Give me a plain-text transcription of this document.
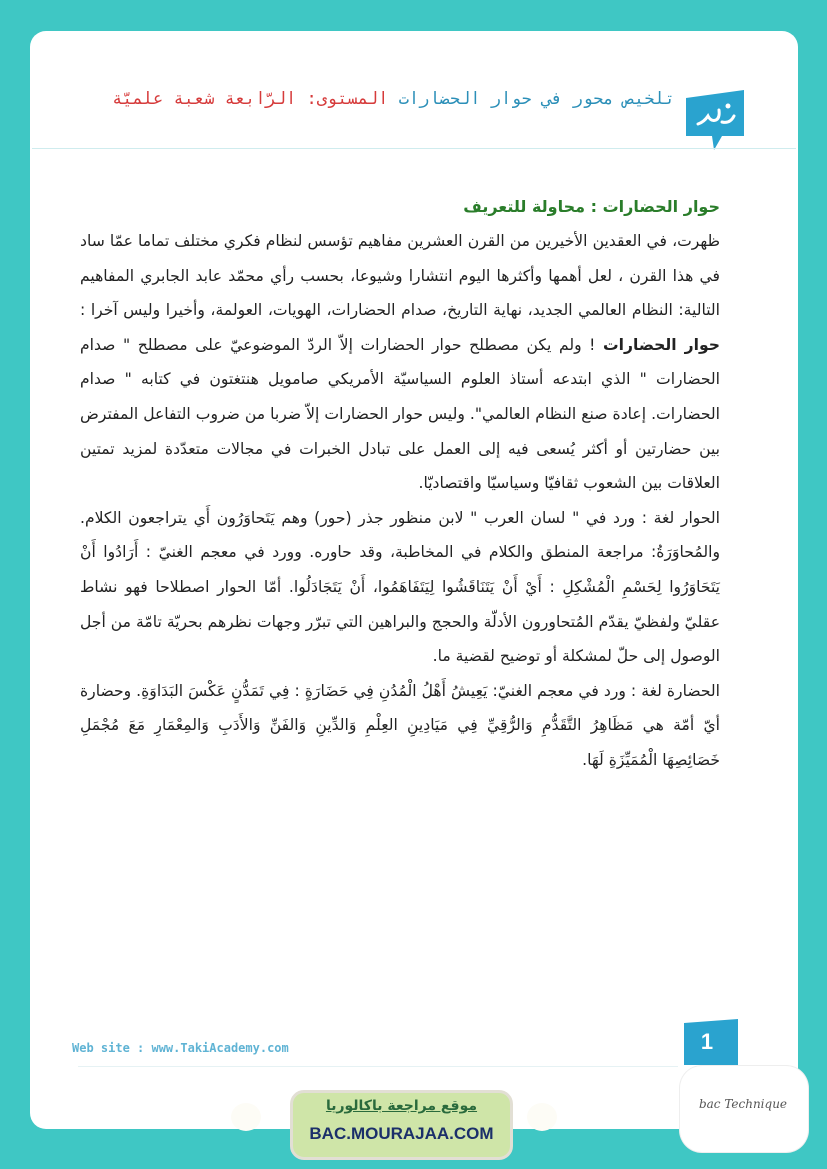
تلخيص محور في حوار الحضارات المستوى: الرّابعة شعبة علميّة
حوار الحضارات : محاولة للتعريف

ظهرت، في العقدين الأخيرين من القرن العشرين مفاهيم تؤسس لنظام فكري مختلف تماما عمّا ساد في هذا القرن ، لعل أهمها وأكثرها اليوم انتشارا وشيوعا، بحسب رأي محمّد عابد الجابري المفاهيم التالية: النظام العالمي الجديد، نهاية التاريخ، صدام الحضارات، الهويات، العولمة، وأخيرا وليس آخرا : حوار الحضارات ! ولم يكن مصطلح حوار الحضارات إلاّ الردّ الموضوعيّ على مصطلح " صدام الحضارات " الذي ابتدعه أستاذ العلوم السياسيّة الأمريكي صامويل هنتغتون في كتابه " صدام الحضارات. إعادة صنع النظام العالمي". وليس حوار الحضارات إلاّ ضربا من ضروب التفاعل المفترض بين حضارتين أو أكثر يُسعى فيه إلى العمل على تبادل الخبرات في مجالات متعدّدة لمزيد تمتين العلاقات بين الشعوب ثقافيّا وسياسيّا واقتصاديّا.

الحوار لغة : ورد في " لسان العرب " لابن منظور جذر (حور) وهم يَتَحاوَرُون أَي يتراجعون الكلام. والمُحاوَرَةُ: مراجعة المنطق والكلام في المخاطبة، وقد حاوره. وورد في معجم الغنيّ : أَرَادُوا أَنْ يَتَحَاوَرُوا لِحَسْمِ الْمُشْكِلِ : أَيْ أَنْ يَتَنَاقَشُوا لِيَتَفَاهَمُوا، أَنْ يَتَجَادَلُوا. أمّا الحوار اصطلاحا فهو نشاط عقليّ ولفظيّ يقدّم المُتحاورون الأدلّة والحجج والبراهين التي تبرّر وجهات نظرهم بحريّة تامّة من أجل الوصول إلى حلّ لمشكلة أو توضيح لقضية ما.

الحضارة لغة : ورد في معجم الغنيّ: يَعِيشُ أَهْلُ الْمُدُنِ فِي حَضَارَةٍ : فِي تَمَدُّنٍ عَكْسَ البَدَاوَةِ. وحضارة أيّ أمّة هي مَظَاهِرُ التَّقَدُّمِ وَالرُّقِيِّ فِي مَيَادِينِ العِلْمِ وَالدِّينِ وَالفَنِّ وَالأَدَبِ وَالمِعْمَارِ مَعَ مُجْمَلِ خَصَائِصِهَا الْمُمَيِّزَةِ لَهَا.

Web site : www.TakiAcademy.com	1
موقع مراجعة باكالوريا
BAC.MOURAJAA.COM
bac Technique
